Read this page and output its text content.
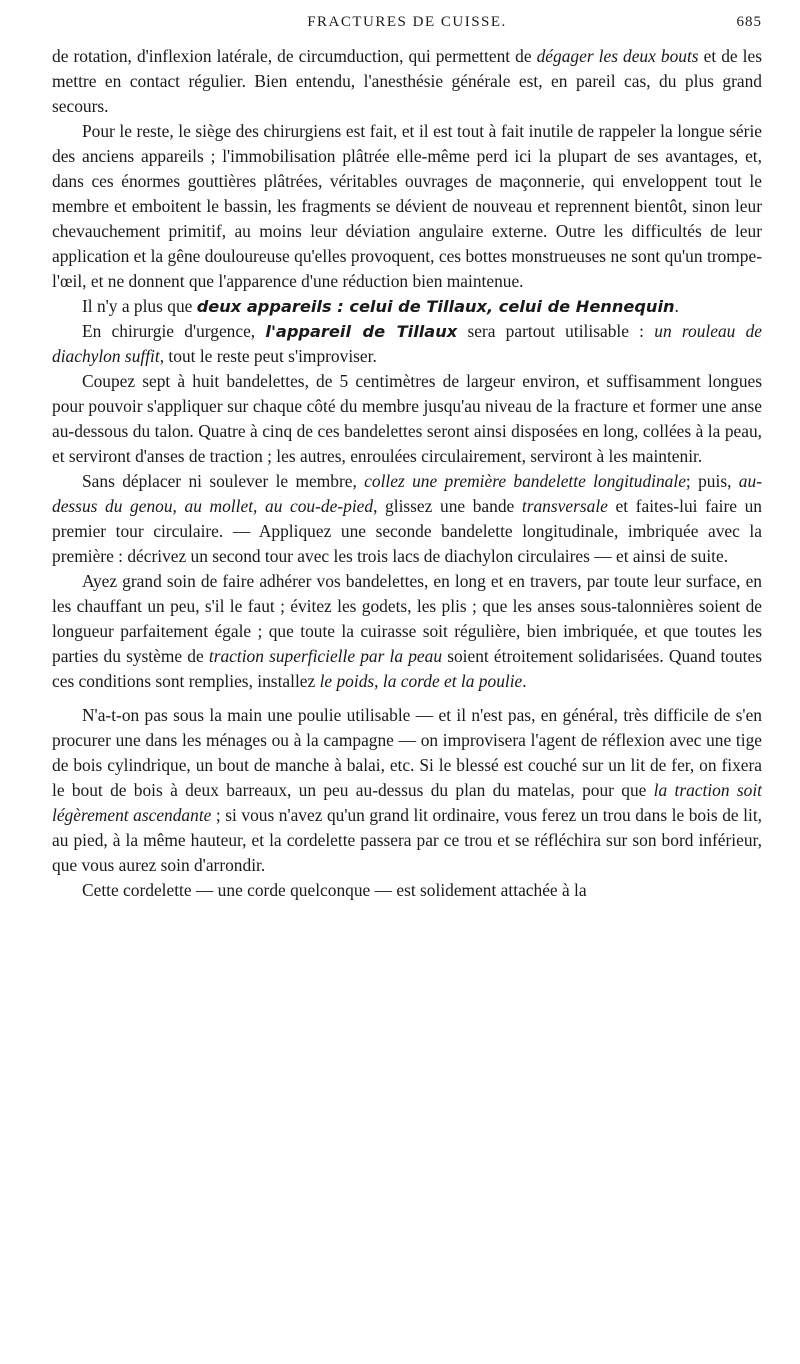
FRACTURES DE CUISSE.	685

de rotation, d'inflexion latérale, de circumduction, qui permettent de dégager les deux bouts et de les mettre en contact régulier. Bien entendu, l'anesthésie générale est, en pareil cas, du plus grand secours.

Pour le reste, le siège des chirurgiens est fait, et il est tout à fait inutile de rappeler la longue série des anciens appareils ; l'immobilisation plâtrée elle-même perd ici la plupart de ses avantages, et, dans ces énormes gouttières plâtrées, véritables ouvrages de maçonnerie, qui enveloppent tout le membre et emboitent le bassin, les fragments se dévient de nouveau et reprennent bientôt, sinon leur chevauchement primitif, au moins leur déviation angulaire externe. Outre les difficultés de leur application et la gêne douloureuse qu'elles provoquent, ces bottes monstrueuses ne sont qu'un trompe-l'œil, et ne donnent que l'apparence d'une réduction bien maintenue.

Il n'y a plus que deux appareils : celui de Tillaux, celui de Hennequin.

En chirurgie d'urgence, l'appareil de Tillaux sera partout utilisable : un rouleau de diachylon suffit, tout le reste peut s'improviser.

Coupez sept à huit bandelettes, de 5 centimètres de largeur environ, et suffisamment longues pour pouvoir s'appliquer sur chaque côté du membre jusqu'au niveau de la fracture et former une anse au-dessous du talon. Quatre à cinq de ces bandelettes seront ainsi disposées en long, collées à la peau, et serviront d'anses de traction ; les autres, enroulées circulairement, serviront à les maintenir.

Sans déplacer ni soulever le membre, collez une première bandelette longitudinale; puis, au-dessus du genou, au mollet, au cou-de-pied, glissez une bande transversale et faites-lui faire un premier tour circulaire. — Appliquez une seconde bandelette longitudinale, imbriquée avec la première : décrivez un second tour avec les trois lacs de diachylon circulaires — et ainsi de suite.

Ayez grand soin de faire adhérer vos bandelettes, en long et en travers, par toute leur surface, en les chauffant un peu, s'il le faut ; évitez les godets, les plis ; que les anses sous-talonnières soient de longueur parfaitement égale ; que toute la cuirasse soit régulière, bien imbriquée, et que toutes les parties du système de traction superficielle par la peau soient étroitement solidarisées. Quand toutes ces conditions sont remplies, installez le poids, la corde et la poulie.

N'a-t-on pas sous la main une poulie utilisable — et il n'est pas, en général, très difficile de s'en procurer une dans les ménages ou à la campagne — on improvisera l'agent de réflexion avec une tige de bois cylindrique, un bout de manche à balai, etc. Si le blessé est couché sur un lit de fer, on fixera le bout de bois à deux barreaux, un peu au-dessus du plan du matelas, pour que la traction soit légèrement ascendante ; si vous n'avez qu'un grand lit ordinaire, vous ferez un trou dans le bois de lit, au pied, à la même hauteur, et la cordelette passera par ce trou et se réfléchira sur son bord inférieur, que vous aurez soin d'arrondir.

Cette cordelette — une corde quelconque — est solidement attachée à la
